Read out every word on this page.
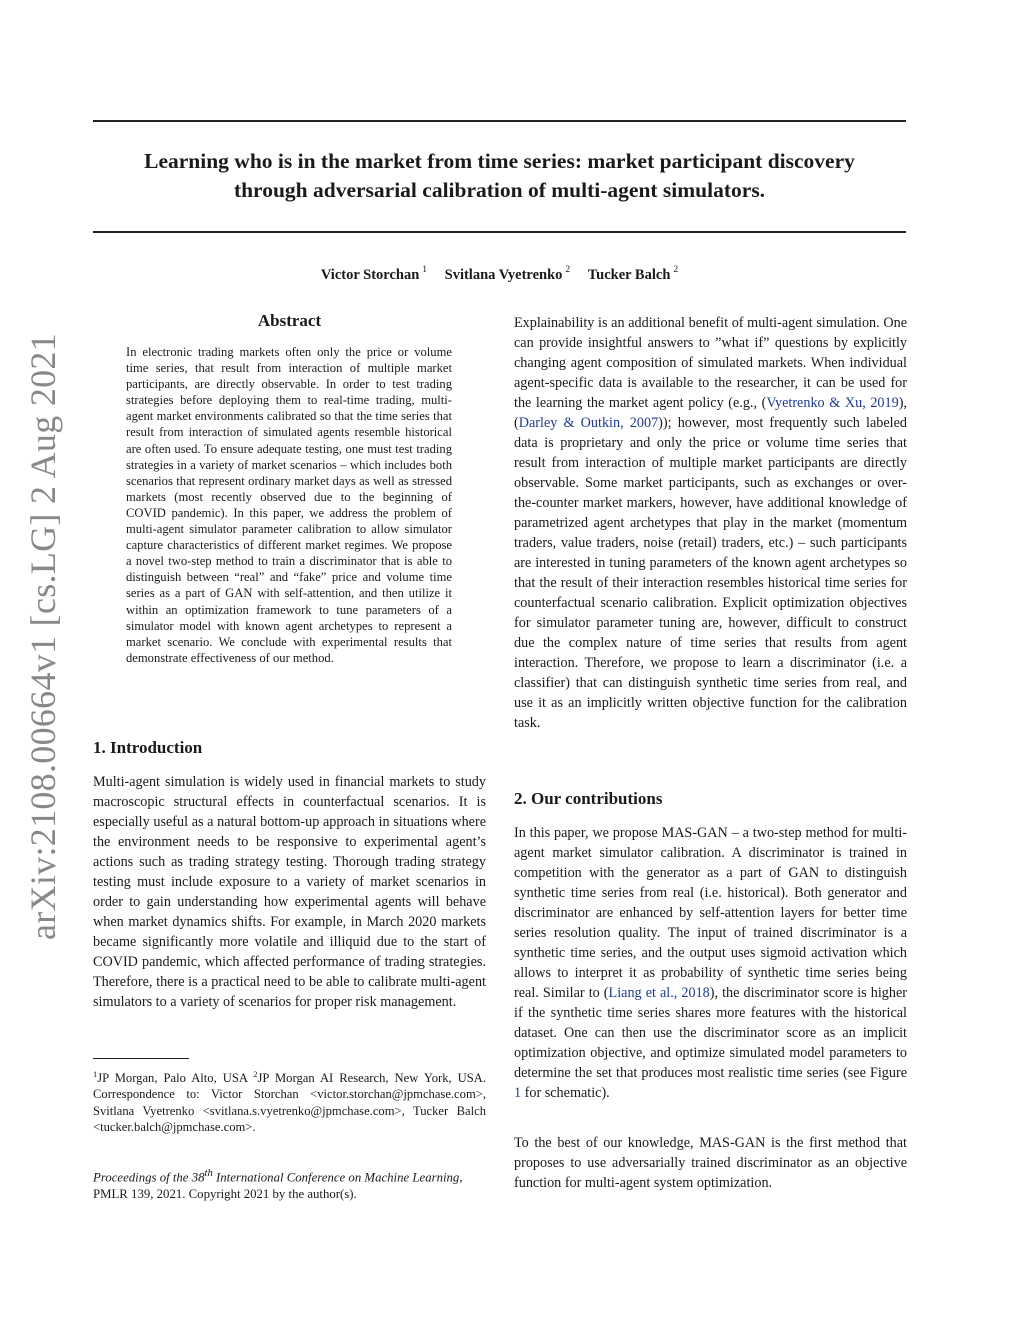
arXiv:2108.00664v1 [cs.LG] 2 Aug 2021
Learning who is in the market from time series: market participant discovery
through adversarial calibration of multi-agent simulators.
Victor Storchan $^1$ Svitlana Vyetrenko $^2$ Tucker Balch $^2$
Abstract
In electronic trading markets often only the price or volume time series, that result from interaction of multiple market participants, are directly observable. In order to test trading strategies before deploying them to real-time trading, multi-agent market environments calibrated so that the time series that result from interaction of simulated agents resemble historical are often used. To ensure adequate testing, one must test trading strategies in a variety of market scenarios – which includes both scenarios that represent ordinary market days as well as stressed markets (most recently observed due to the beginning of COVID pandemic). In this paper, we address the problem of multi-agent simulator parameter calibration to allow simulator capture characteristics of different market regimes. We propose a novel two-step method to train a discriminator that is able to distinguish between “real” and “fake” price and volume time series as a part of GAN with self-attention, and then utilize it within an optimization framework to tune parameters of a simulator model with known agent archetypes to represent a market scenario. We conclude with experimental results that demonstrate effectiveness of our method.
1. Introduction
Multi-agent simulation is widely used in financial markets to study macroscopic structural effects in counterfactual scenarios. It is especially useful as a natural bottom-up approach in situations where the environment needs to be responsive to experimental agent’s actions such as trading strategy testing. Thorough trading strategy testing must include exposure to a variety of market scenarios in order to gain understanding how experimental agents will behave when market dynamics shifts. For example, in March 2020 markets became significantly more volatile and illiquid due to the start of COVID pandemic, which affected performance of trading strategies. Therefore, there is a practical need to be able to calibrate multi-agent simulators to a variety of scenarios for proper risk management.
$^1$JP Morgan, Palo Alto, USA $^2$JP Morgan AI Research, New York, USA. Correspondence to: Victor Storchan <victor.storchan@jpmchase.com>, Svitlana Vyetrenko <svitlana.s.vyetrenko@jpmchase.com>, Tucker Balch <tucker.balch@jpmchase.com>.
Proceedings of the 38th International Conference on Machine Learning, PMLR 139, 2021. Copyright 2021 by the author(s).
Explainability is an additional benefit of multi-agent simulation. One can provide insightful answers to ”what if” questions by explicitly changing agent composition of simulated markets. When individual agent-specific data is available to the researcher, it can be used for the learning the market agent policy (e.g., (Vyetrenko & Xu, 2019), (Darley & Outkin, 2007)); however, most frequently such labeled data is proprietary and only the price or volume time series that result from interaction of multiple market participants are directly observable. Some market participants, such as exchanges or over-the-counter market markers, however, have additional knowledge of parametrized agent archetypes that play in the market (momentum traders, value traders, noise (retail) traders, etc.) – such participants are interested in tuning parameters of the known agent archetypes so that the result of their interaction resembles historical time series for counterfactual scenario calibration. Explicit optimization objectives for simulator parameter tuning are, however, difficult to construct due the complex nature of time series that results from agent interaction. Therefore, we propose to learn a discriminator (i.e. a classifier) that can distinguish synthetic time series from real, and use it as an implicitly written objective function for the calibration task.
2. Our contributions
In this paper, we propose MAS-GAN – a two-step method for multi-agent market simulator calibration. A discriminator is trained in competition with the generator as a part of GAN to distinguish synthetic time series from real (i.e. historical). Both generator and discriminator are enhanced by self-attention layers for better time series resolution quality. The input of trained discriminator is a synthetic time series, and the output uses sigmoid activation which allows to interpret it as probability of synthetic time series being real. Similar to (Liang et al., 2018), the discriminator score is higher if the synthetic time series shares more features with the historical dataset. One can then use the discriminator score as an implicit optimization objective, and optimize simulated model parameters to determine the set that produces most realistic time series (see Figure 1 for schematic).
To the best of our knowledge, MAS-GAN is the first method that proposes to use adversarially trained discriminator as an objective function for multi-agent system optimization.
